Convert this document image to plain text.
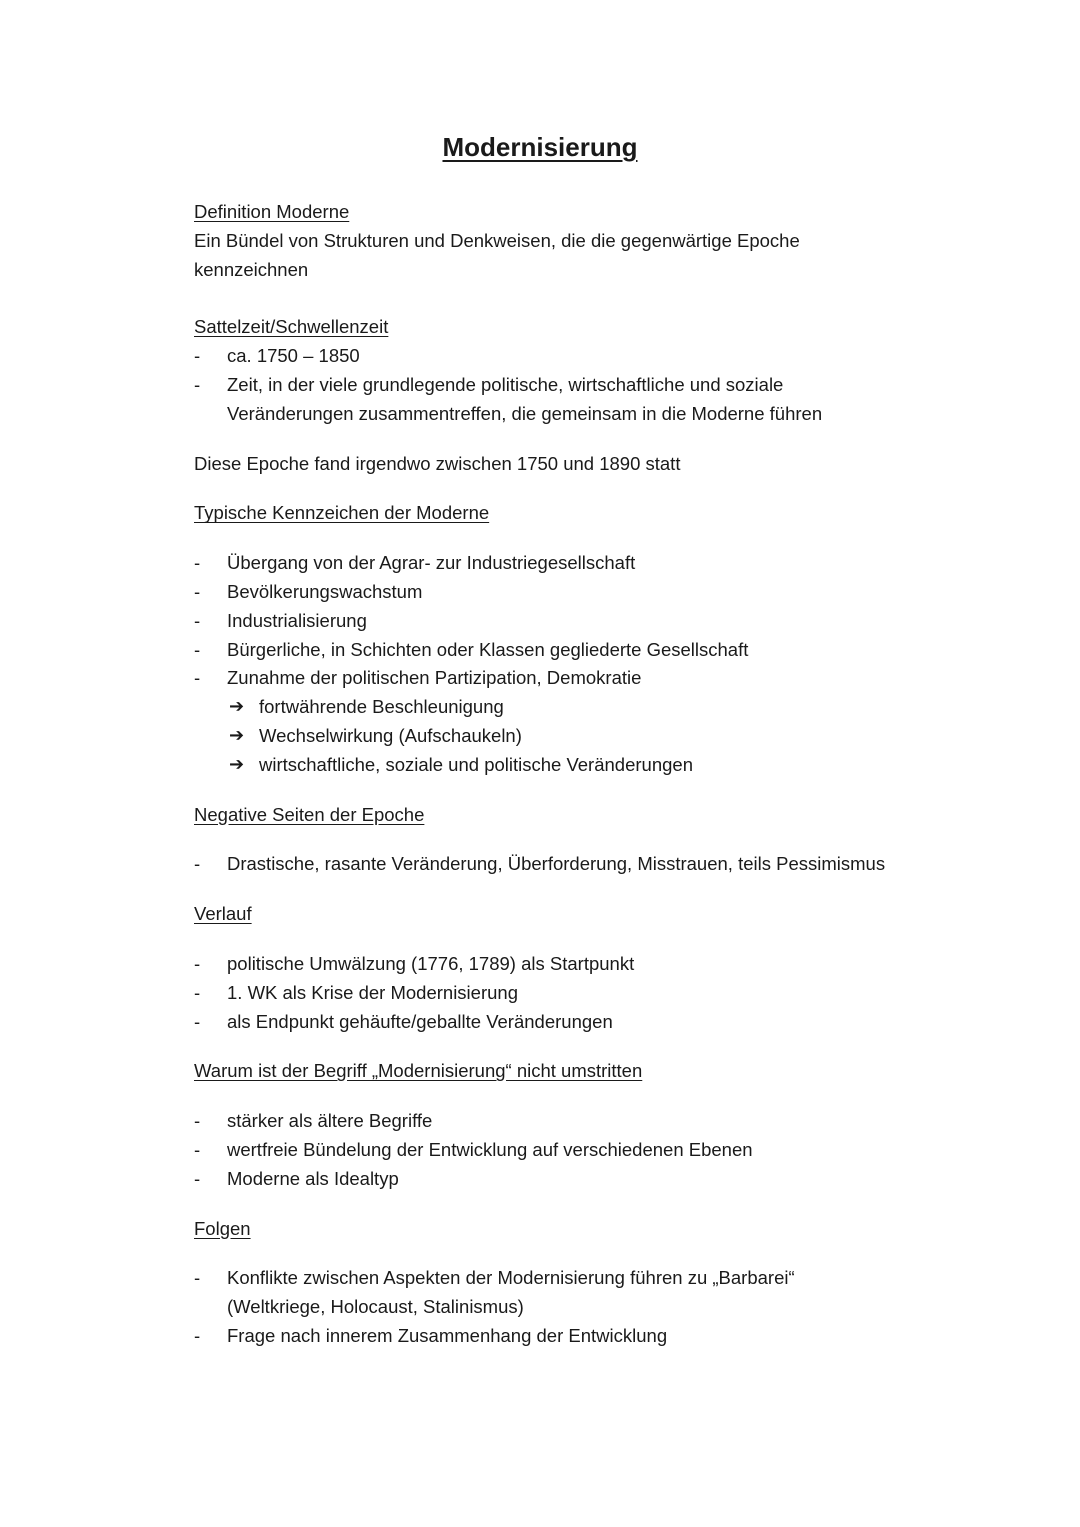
Modernisierung
Definition Moderne

Ein Bündel von Strukturen und Denkweisen, die die gegenwärtige Epoche kennzeichnen

Sattelzeit/Schwellenzeit
-	ca. 1750 – 1850
-	Zeit, in der viele grundlegende politische, wirtschaftliche und soziale Veränderungen zusammentreffen, die gemeinsam in die Moderne führen

Diese Epoche fand irgendwo zwischen 1750 und 1890 statt

Typische Kennzeichen der Moderne
-	Übergang von der Agrar- zur Industriegesellschaft
-	Bevölkerungswachstum
-	Industrialisierung
-	Bürgerliche, in Schichten oder Klassen gegliederte Gesellschaft
-	Zunahme der politischen Partizipation, Demokratie
➔ fortwährende Beschleunigung
➔ Wechselwirkung (Aufschaukeln)
➔ wirtschaftliche, soziale und politische Veränderungen
Negative Seiten der Epoche
-	Drastische, rasante Veränderung, Überforderung, Misstrauen, teils Pessimismus
Verlauf
-	politische Umwälzung (1776, 1789) als Startpunkt
-	1. WK als Krise der Modernisierung
-	als Endpunkt gehäufte/geballte Veränderungen
Warum ist der Begriff „Modernisierung“ nicht umstritten
-	stärker als ältere Begriffe
-	wertfreie Bündelung der Entwicklung auf verschiedenen Ebenen
-	Moderne als Idealtyp
Folgen
-	Konflikte zwischen Aspekten der Modernisierung führen zu „Barbarei“ (Weltkriege, Holocaust, Stalinismus)
-	Frage nach innerem Zusammenhang der Entwicklung
